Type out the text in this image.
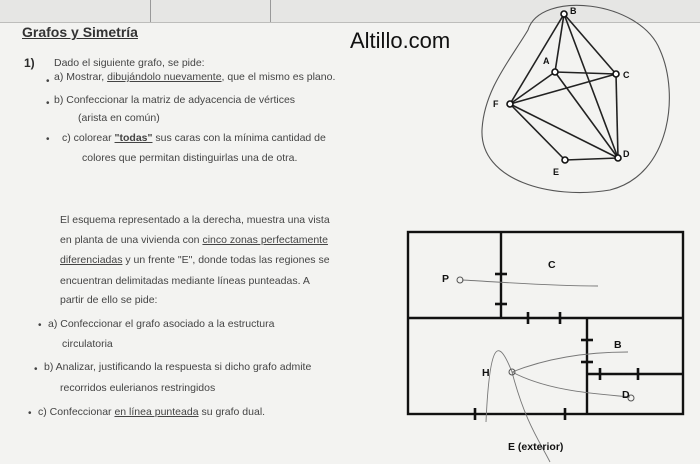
Grafos y Simetría	Altillo.com
1) Dado el siguiente grafo, se pide:
• a) Mostrar, dibujándolo nuevamente, que el mismo es plano.
• b) Confeccionar la matriz de adyacencia de vértices
(arista en común)
• c) colorear "todas" sus caras con la mínima cantidad de
colores que permitan distinguirlas una de otra.
El esquema representado a la derecha, muestra una vista
en planta de una vivienda con cinco zonas perfectamente
diferenciadas y un frente "E", donde todas las regiones se
encuentran delimitadas mediante líneas punteadas. A
partir de ello se pide:
• a) Confeccionar el grafo asociado a la estructura
circulatoria
• b) Analizar, justificando la respuesta si dicho grafo admite
recorridos eulerianos restringidos
• c) Confeccionar en línea punteada su grafo dual.
B
A
C
F
D
E
P
C
B
H
D
E (exterior)
